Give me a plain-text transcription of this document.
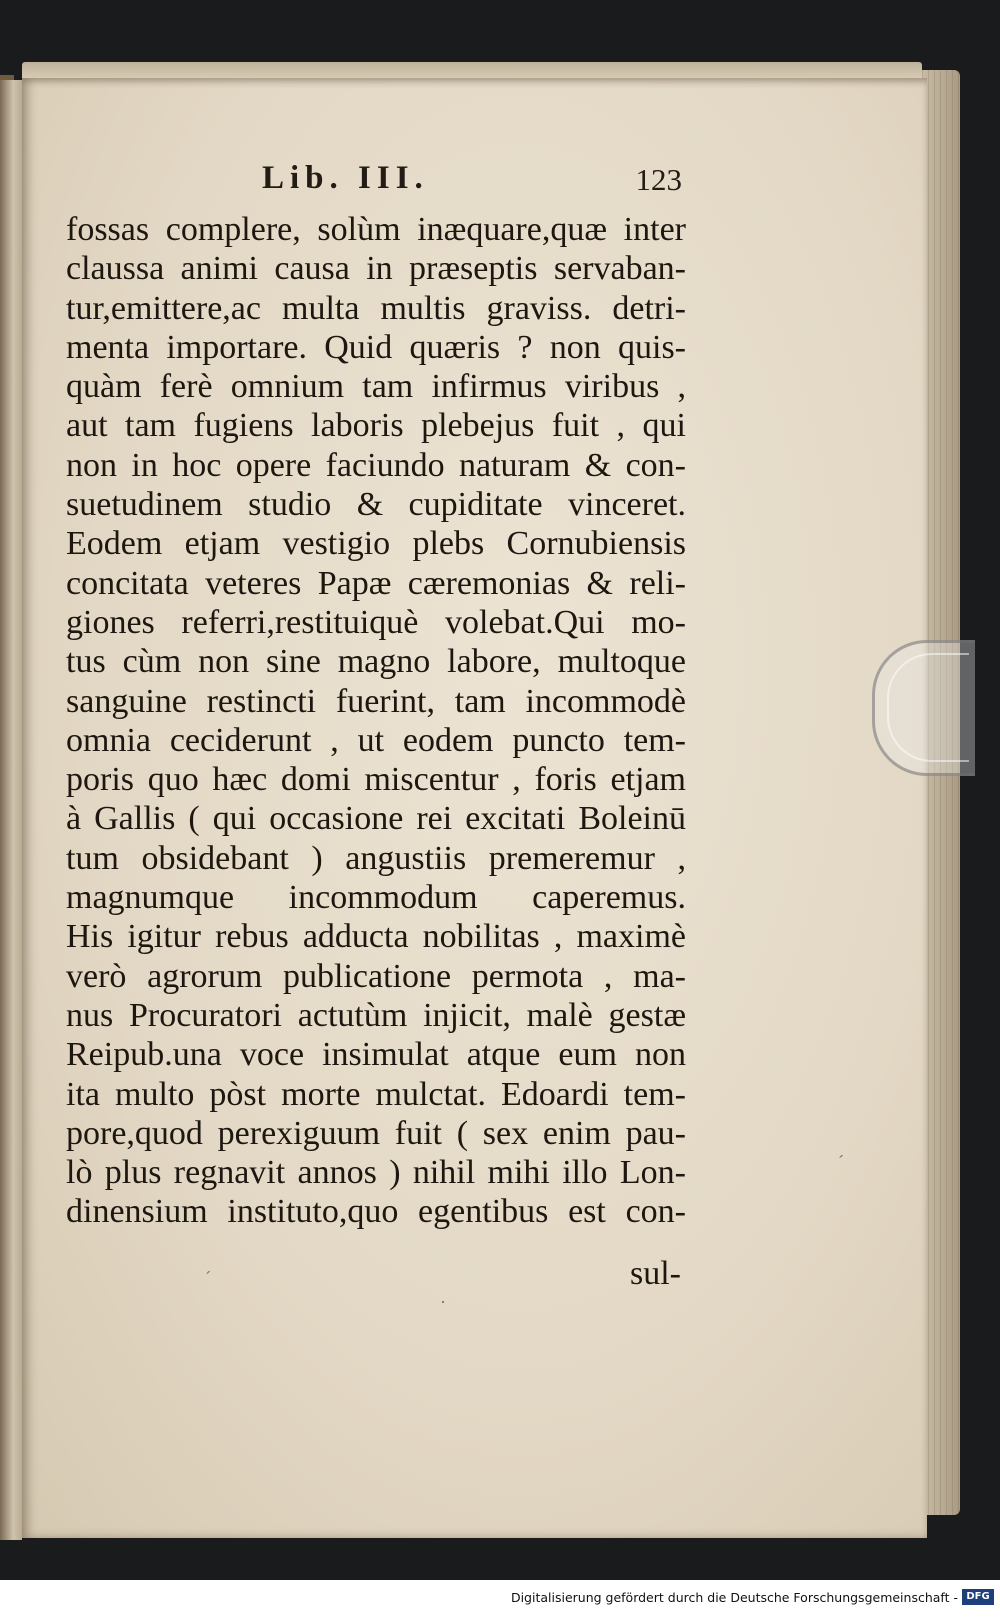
Lib. III.	123
fossas complere, solùm inæquare,quæ inter
claussa animi causa in præseptis servaban-
tur,emittere,ac multa multis graviss. detri-
menta importare. Quid quæris ? non quis-
quàm ferè omnium tam infirmus viribus ,
aut tam fugiens laboris plebejus fuit , qui
non in hoc opere faciundo naturam & con-
suetudinem studio & cupiditate vinceret.
Eodem etjam vestigio plebs Cornubiensis
concitata veteres Papæ cæremonias & reli-
giones referri,restituiquè volebat.Qui mo-
tus cùm non sine magno labore, multoque
sanguine restincti fuerint, tam incommodè
omnia ceciderunt , ut eodem puncto tem-
poris quo hæc domi miscentur , foris etjam
à Gallis ( qui occasione rei excitati Boleinū
tum obsidebant ) angustiis premeremur ,
magnumque incommodum caperemus.
His igitur rebus adducta nobilitas , maximè
verò agrorum publicatione permota , ma-
nus Procuratori actutùm injicit, malè gestæ
Reipub.una voce insimulat atque eum non
ita multo pòst morte mulctat. Edoardi tem-
pore,quod perexiguum fuit ( sex enim pau-
lò plus regnavit annos ) nihil mihi illo Lon-
dinensium instituto,quo egentibus est con-
sul-
·
ˊ
ˊ
Digitalisierung gefördert durch die Deutsche Forschungsgemeinschaft - DFG
